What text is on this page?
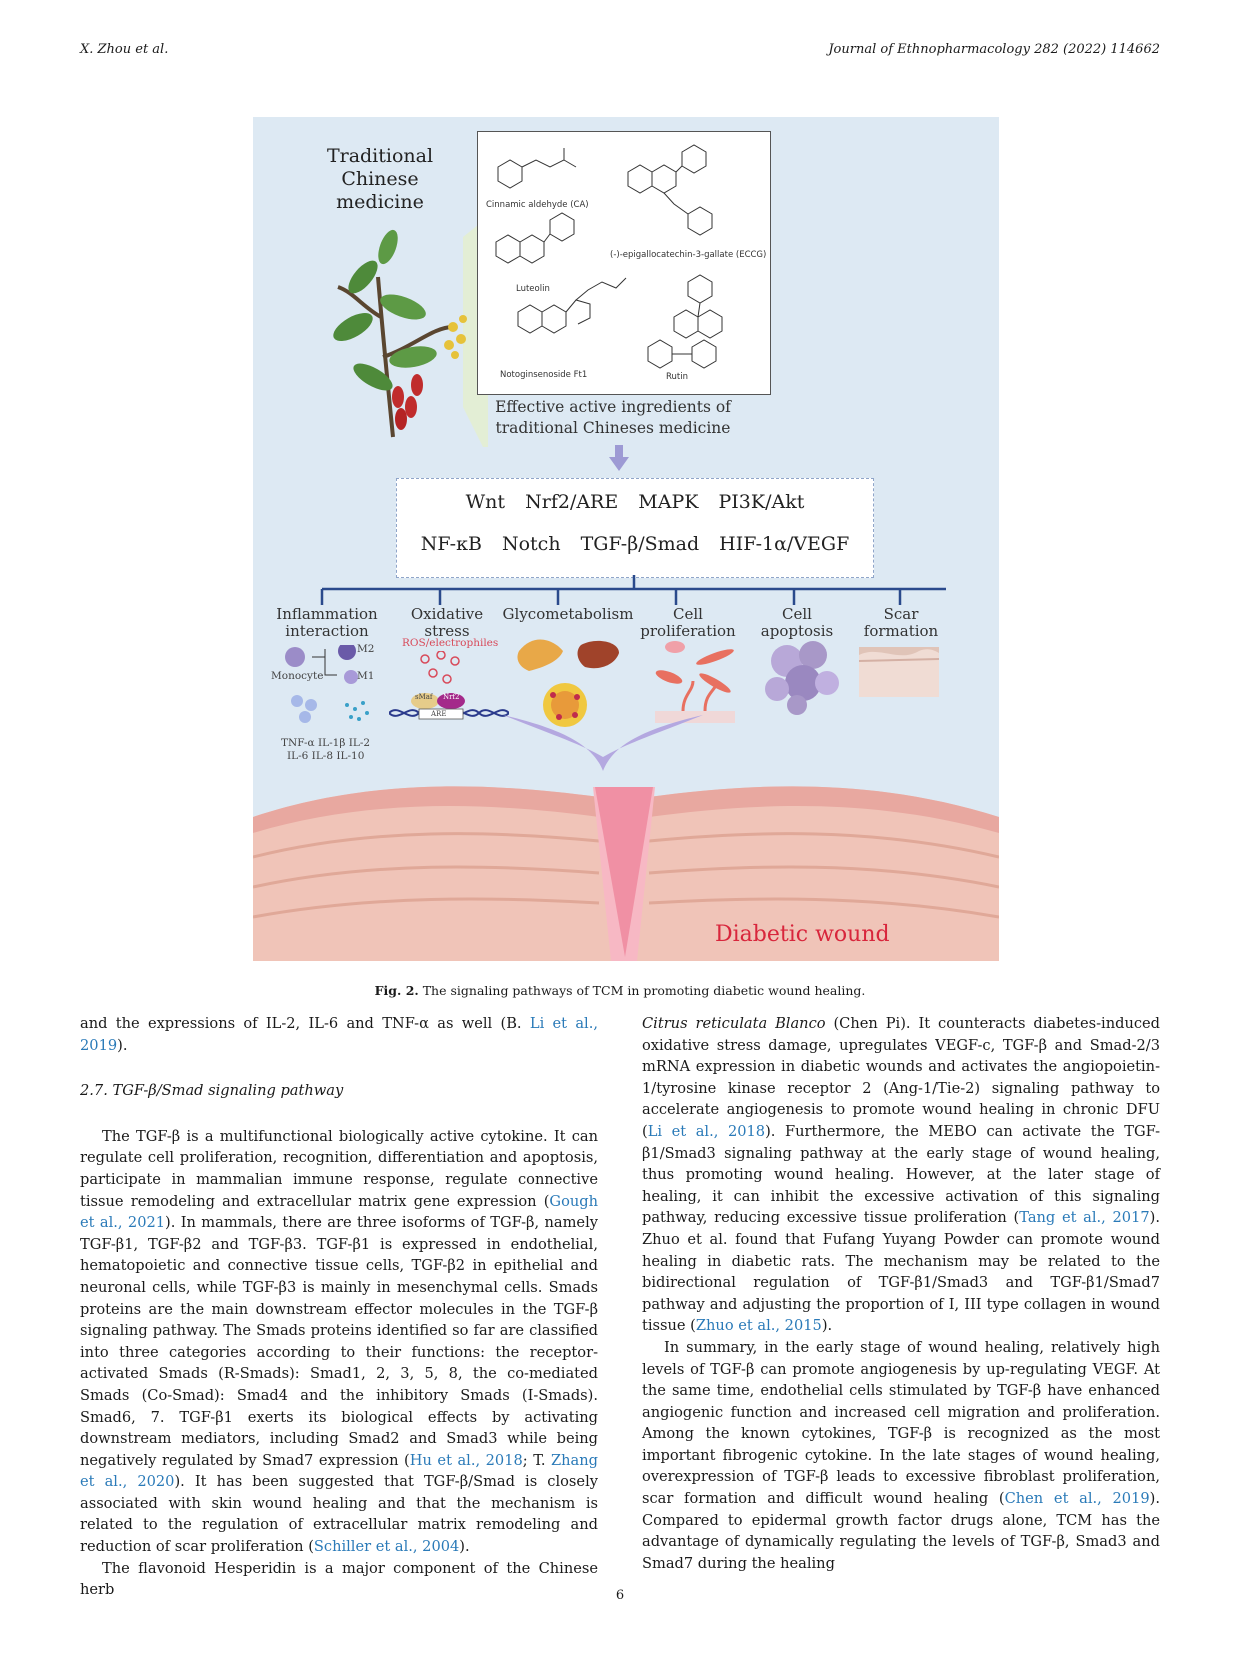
X. Zhou et al.	Journal of Ethnopharmacology 282 (2022) 114662
Traditional
Chinese medicine	Cinnamic aldehyde (CA)
(-)-epigallocatechin-3-gallate (ECCG)
Luteolin
Notoginsenoside Ft1	Rutin
Effective active ingredients of
traditional Chineses medicine
Wnt Nrf2/ARE MAPK PI3K/Akt
NF-κB Notch TGF-β/Smad HIF-1α/VEGF
Inflammation
interaction
Oxidative
stress
Glycometabolism	Cell
proliferation
Cell
apoptosis
Scar
formation
M2
M1
Monocyte
TNF-α IL-1β IL-2
IL-6 IL-8 IL-10
ROS/electrophiles
sMaf Nrf2
ARE
Diabetic wound
Fig. 2. The signaling pathways of TCM in promoting diabetic wound healing.

and the expressions of IL-2, IL-6 and TNF-α as well (B. Li et al., 2019).

2.7. TGF-β/Smad signaling pathway

The TGF-β is a multifunctional biologically active cytokine. It can regulate cell proliferation, recognition, differentiation and apoptosis, participate in mammalian immune response, regulate connective tissue remodeling and extracellular matrix gene expression (Gough et al., 2021). In mammals, there are three isoforms of TGF-β, namely TGF-β1, TGF-β2 and TGF-β3. TGF-β1 is expressed in endothelial, hematopoietic and connective tissue cells, TGF-β2 in epithelial and neuronal cells, while TGF-β3 is mainly in mesenchymal cells. Smads proteins are the main downstream effector molecules in the TGF-β signaling pathway. The Smads proteins identified so far are classified into three categories according to their functions: the receptor-activated Smads (R-Smads): Smad1, 2, 3, 5, 8, the co-mediated Smads (Co-Smad): Smad4 and the inhibitory Smads (I-Smads). Smad6, 7. TGF-β1 exerts its biological effects by activating downstream mediators, including Smad2 and Smad3 while being negatively regulated by Smad7 expression (Hu et al., 2018; T. Zhang et al., 2020). It has been suggested that TGF-β/Smad is closely associated with skin wound healing and that the mechanism is related to the regulation of extracellular matrix remodeling and reduction of scar proliferation (Schiller et al., 2004).

The flavonoid Hesperidin is a major component of the Chinese herb

Citrus reticulata Blanco (Chen Pi). It counteracts diabetes-induced oxidative stress damage, upregulates VEGF-c, TGF-β and Smad-2/3 mRNA expression in diabetic wounds and activates the angiopoietin-1/tyrosine kinase receptor 2 (Ang-1/Tie-2) signaling pathway to accelerate angiogenesis to promote wound healing in chronic DFU (Li et al., 2018). Furthermore, the MEBO can activate the TGF-β1/Smad3 signaling pathway at the early stage of wound healing, thus promoting wound healing. However, at the later stage of healing, it can inhibit the excessive activation of this signaling pathway, reducing excessive tissue proliferation (Tang et al., 2017). Zhuo et al. found that Fufang Yuyang Powder can promote wound healing in diabetic rats. The mechanism may be related to the bidirectional regulation of TGF-β1/Smad3 and TGF-β1/Smad7 pathway and adjusting the proportion of I, III type collagen in wound tissue (Zhuo et al., 2015).

In summary, in the early stage of wound healing, relatively high levels of TGF-β can promote angiogenesis by up-regulating VEGF. At the same time, endothelial cells stimulated by TGF-β have enhanced angiogenic function and increased cell migration and proliferation. Among the known cytokines, TGF-β is recognized as the most important fibrogenic cytokine. In the late stages of wound healing, overexpression of TGF-β leads to excessive fibroblast proliferation, scar formation and difficult wound healing (Chen et al., 2019). Compared to epidermal growth factor drugs alone, TCM has the advantage of dynamically regulating the levels of TGF-β, Smad3 and Smad7 during the healing

6
